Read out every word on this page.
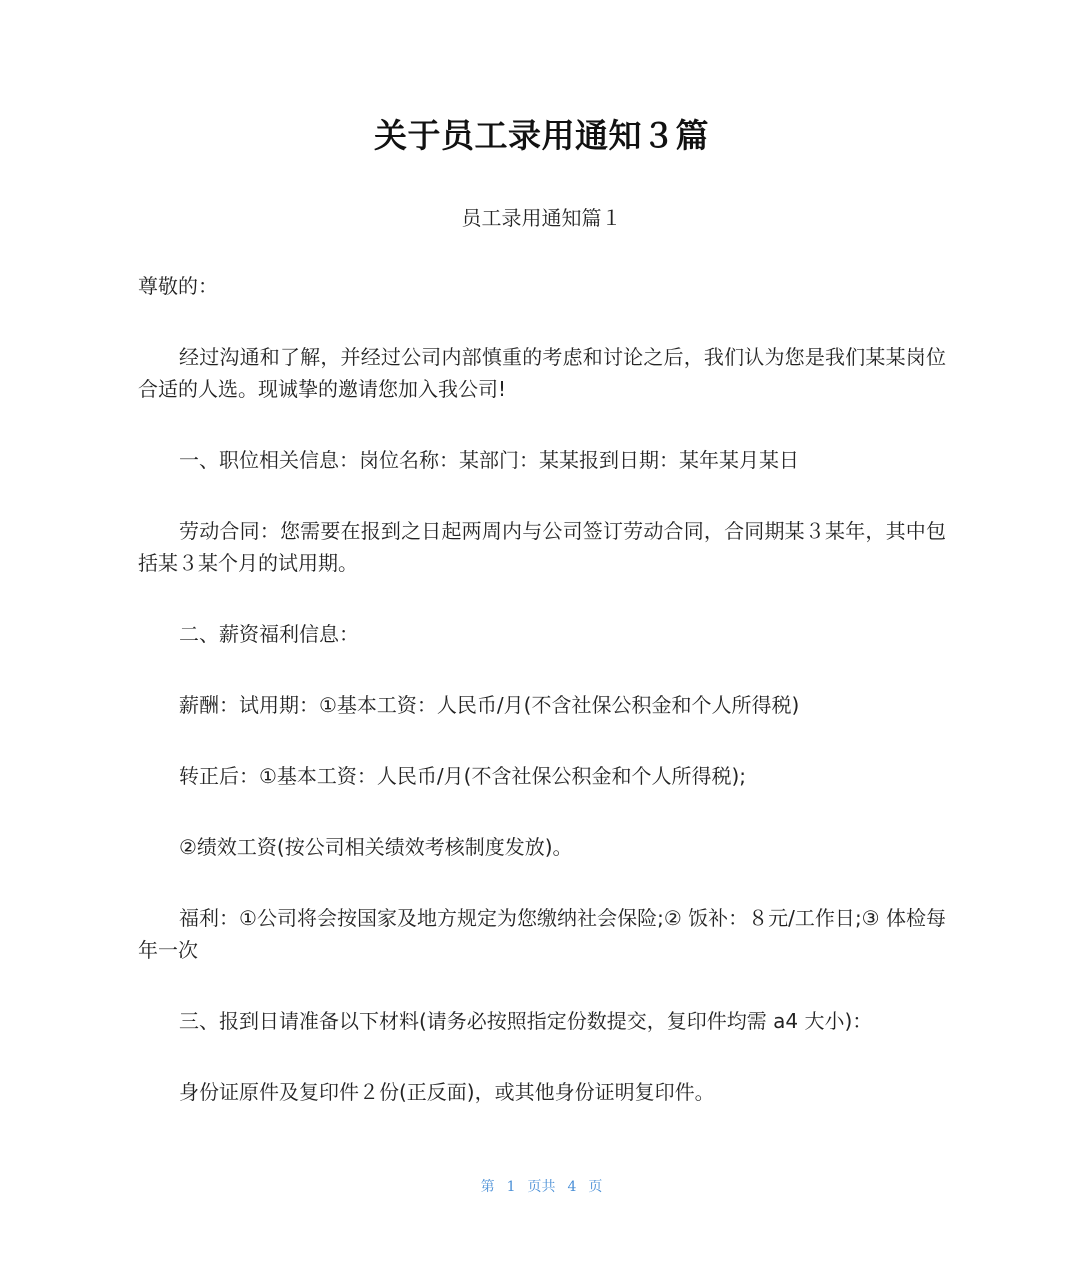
关于员工录用通知３篇
员工录用通知篇１

尊敬的：

经过沟通和了解，并经过公司内部慎重的考虑和讨论之后，我们认为您是我们某某岗位合适的人选。现诚挚的邀请您加入我公司!

一、职位相关信息：岗位名称：某部门：某某报到日期：某年某月某日

劳动合同：您需要在报到之日起两周内与公司签订劳动合同，合同期某３某年，其中包括某３某个月的试用期。

二、薪资福利信息：

薪酬：试用期：①基本工资：人民币/月(不含社保公积金和个人所得税)

转正后：①基本工资：人民币/月(不含社保公积金和个人所得税);

②绩效工资(按公司相关绩效考核制度发放)。

福利：①公司将会按国家及地方规定为您缴纳社会保险;② 饭补：８元/工作日;③ 体检每年一次

三、报到日请准备以下材料(请务必按照指定份数提交，复印件均需 a4 大小)：

身份证原件及复印件２份(正反面)，或其他身份证明复印件。

第 1 页共 4 页
